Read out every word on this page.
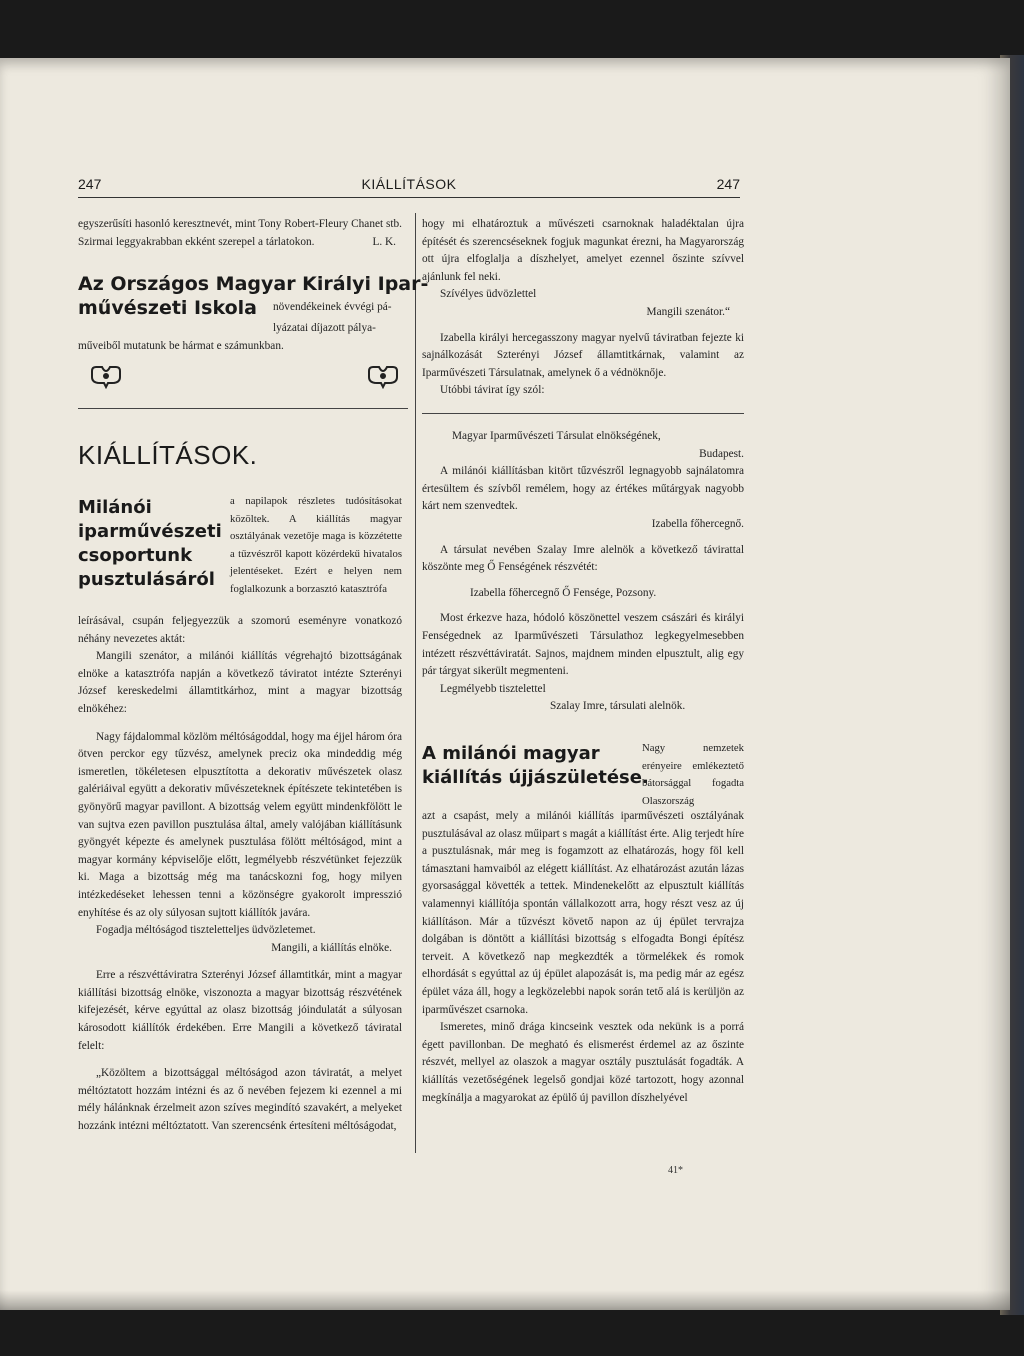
247	KIÁLLÍTÁSOK	247

egyszerűsíti hasonló keresztnevét, mint Tony Robert-Fleury Chanet stb. Szirmai leggyakrabban ekként szerepel a tárlatokon.	L. K.

Az Országos Magyar Királyi Ipar-
művészeti Iskola növendékeinek évvégi pá-
lyázatai díjazott pálya-
műveiből mutatunk be hármat e számunkban.
KIÁLLÍTÁSOK.
Milánói
iparművészeti
csoportunk
pusztulásáról
a napilapok részletes tudósításokat közöltek. A kiállítás magyar osztályának vezetője maga is közzétette a tűzvészről kapott közérdekű hivatalos jelentéseket. Ezért e helyen nem foglalkozunk a borzasztó katasztrófa

leírásával, csupán feljegyezzük a szomorú eseményre vonatkozó néhány nevezetes aktát:

Mangili szenátor, a milánói kiállítás végrehajtó bizottságának elnöke a katasztrófa napján a következő táviratot intézte Szterényi József kereskedelmi államtitkárhoz, mint a magyar bizottság elnökéhez:

Nagy fájdalommal közlöm méltóságoddal, hogy ma éjjel három óra ötven perckor egy tűzvész, amelynek preciz oka mindeddig még ismeretlen, tökéletesen elpusztította a dekorativ művészetek olasz galériáival együtt a dekorativ művészeteknek építészete tekintetében is gyönyörű magyar pavillont. A bizottság velem együtt mindenkfölött le van sujtva ezen pavillon pusztulása által, amely valójában kiállításunk gyöngyét képezte és amelynek pusztulása fölött méltóságod, mint a magyar kormány képviselője előtt, legmélyebb részvétünket fejezzük ki. Maga a bizottság még ma tanácskozni fog, hogy milyen intézkedéseket lehessen tenni a közönségre gyakorolt impresszió enyhítése és az oly súlyosan sujtott kiállítók javára.

Fogadja méltóságod tiszteletteljes üdvözletemet.

Mangili, a kiállítás elnöke.

Erre a részvéttáviratra Szterényi József államtitkár, mint a magyar kiállítási bizottság elnöke, viszonozta a magyar bizottság részvétének kifejezését, kérve egyúttal az olasz bizottság jóindulatát a súlyosan károsodott kiállítók érdekében. Erre Mangili a következő táviratal felelt:

„Közöltem a bizottsággal méltóságod azon táviratát, a melyet méltóztatott hozzám intézni és az ő nevében fejezem ki ezennel a mi mély hálánknak érzelmeit azon szíves megindító szavakért, a melyeket hozzánk intézni méltóztatott. Van szerencsénk értesíteni méltóságodat,

hogy mi elhatároztuk a művészeti csarnoknak haladéktalan újra építését és szerencséseknek fogjuk magunkat érezni, ha Magyarország ott újra elfoglalja a díszhelyet, amelyet ezennel őszinte szívvel ajánlunk fel neki.

Szívélyes üdvözlettel

Mangili szenátor.“

Izabella királyi hercegasszony magyar nyelvű táviratban fejezte ki sajnálkozását Szterényi József államtitkárnak, valamint az Iparművészeti Társulatnak, amelynek ő a védnöknője.

Utóbbi távirat így szól:

Magyar Iparművészeti Társulat elnökségének,

Budapest.

A milánói kiállításban kitört tűzvészről legnagyobb sajnálatomra értesültem és szívből remélem, hogy az értékes műtárgyak nagyobb kárt nem szenvedtek.

Izabella főhercegnő.

A társulat nevében Szalay Imre alelnök a következő távirattal köszönte meg Ő Fenségének részvétét:

Izabella főhercegnő Ő Fensége, Pozsony.

Most érkezve haza, hódoló köszönettel veszem császári és királyi Fenségednek az Iparművészeti Társulathoz legkegyelmesebben intézett részvéttáviratát. Sajnos, majdnem minden elpusztult, alig egy pár tárgyat sikerült megmenteni.

Legmélyebb tisztelettel

Szalay Imre, társulati alelnök.

A milánói magyar
kiállítás újjászületése.
Nagy nemzetek erényeire emlékeztető bátorsággal fogadta Olaszország

azt a csapást, mely a milánói kiállítás iparművészeti osztályának pusztulásával az olasz műipart s magát a kiállítást érte. Alig terjedt híre a pusztulásnak, már meg is fogamzott az elhatározás, hogy föl kell támasztani hamvaiból az elégett kiállítást. Az elhatározást azután lázas gyorsasággal követték a tettek. Mindenekelőtt az elpusztult kiállítás valamennyi kiállítója spontán vállalkozott arra, hogy részt vesz az új kiállításon. Már a tűzvészt követő napon az új épület tervrajza dolgában is döntött a kiállítási bizottság s elfogadta Bongi építész terveit. A következő nap megkezdték a törmelékek és romok elhordását s egyúttal az új épület alapozását is, ma pedig már az egész épület váza áll, hogy a legközelebbi napok során tető alá is kerüljön az iparművészet csarnoka.

Ismeretes, minő drága kincseink vesztek oda nekünk is a porrá égett pavillonban. De megható és elismerést érdemel az az őszinte részvét, mellyel az olaszok a magyar osztály pusztulását fogadták. A kiállítás vezetőségének legelső gondjai közé tartozott, hogy azonnal megkínálja a magyarokat az épülő új pavillon díszhelyével

41*
